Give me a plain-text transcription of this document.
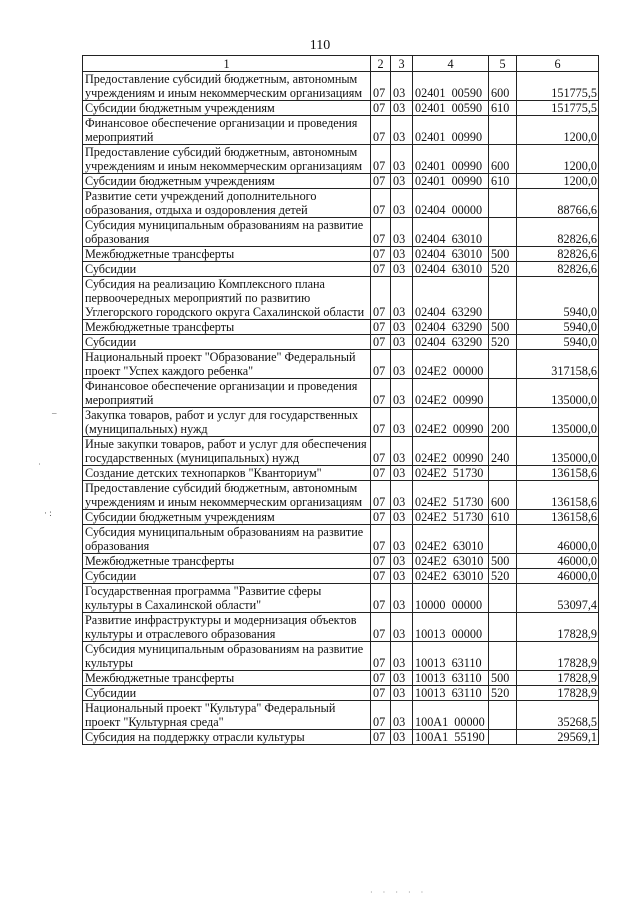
110
1	2	3	4	5	6
Предоставление субсидий бюджетным, автономным учреждениям и иным некоммерческим организациям	07	03	02401  00590	600	151775,5
Субсидии бюджетным учреждениям	07	03	02401  00590	610	151775,5
Финансовое обеспечение организации и проведения мероприятий	07	03	02401  00990		1200,0
Предоставление субсидий бюджетным, автономным учреждениям и иным некоммерческим организациям	07	03	02401  00990	600	1200,0
Субсидии бюджетным учреждениям	07	03	02401  00990	610	1200,0
Развитие сети учреждений дополнительного образования, отдыха и оздоровления детей	07	03	02404  00000		88766,6
Субсидия муниципальным образованиям на развитие образования	07	03	02404  63010		82826,6
Межбюджетные трансферты	07	03	02404  63010	500	82826,6
Субсидии	07	03	02404  63010	520	82826,6
Субсидия на реализацию Комплексного плана первоочередных мероприятий по развитию Углегорского городского округа Сахалинской области	07	03	02404  63290		5940,0
Межбюджетные трансферты	07	03	02404  63290	500	5940,0
Субсидии	07	03	02404  63290	520	5940,0
Национальный проект "Образование" Федеральный проект "Успех каждого ребенка"	07	03	024E2  00000		317158,6
Финансовое обеспечение организации и проведения мероприятий	07	03	024E2  00990		135000,0
Закупка товаров, работ и услуг для государственных (муниципальных) нужд	07	03	024E2  00990	200	135000,0
Иные закупки товаров, работ и услуг для обеспечения государственных (муниципальных) нужд	07	03	024E2  00990	240	135000,0
Создание детских технопарков "Кванториум"	07	03	024E2  51730		136158,6
Предоставление субсидий бюджетным, автономным учреждениям и иным некоммерческим организациям	07	03	024E2  51730	600	136158,6
Субсидии бюджетным учреждениям	07	03	024E2  51730	610	136158,6
Субсидия муниципальным образованиям на развитие образования	07	03	024E2  63010		46000,0
Межбюджетные трансферты	07	03	024E2  63010	500	46000,0
Субсидии	07	03	024E2  63010	520	46000,0
Государственная программа "Развитие сферы культуры в Сахалинской области"	07	03	10000  00000		53097,4
Развитие инфраструктуры и модернизация объектов культуры и отраслевого образования	07	03	10013  00000		17828,9
Субсидия муниципальным образованиям на развитие культуры	07	03	10013  63110		17828,9
Межбюджетные трансферты	07	03	10013  63110	500	17828,9
Субсидии	07	03	10013  63110	520	17828,9
Национальный проект "Культура" Федеральный проект "Культурная среда"	07	03	100A1  00000		35268,5
Субсидия на поддержку отрасли культуры	07	03	100A1  55190		29569,1
–
˙
· :
· · · · ·
